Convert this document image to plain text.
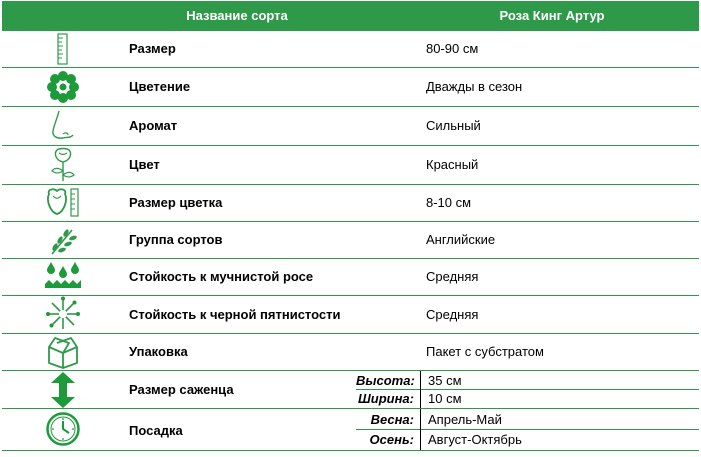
Название сорта	Роза Кинг Артур
Размер	80-90 см
Цветение	Дважды в сезон
Аромат	Сильный
Цвет	Красный
Размер цветка	8-10 см
Группа сортов	Английские
Стойкость к мучнистой росе	Средняя
Стойкость к черной пятнистости	Средняя
Упаковка	Пакет с субстратом
Размер саженца
Высота: 35 см
Ширина: 10 см
Посадка
Весна: Апрель-Май
Осень: Август-Октябрь
